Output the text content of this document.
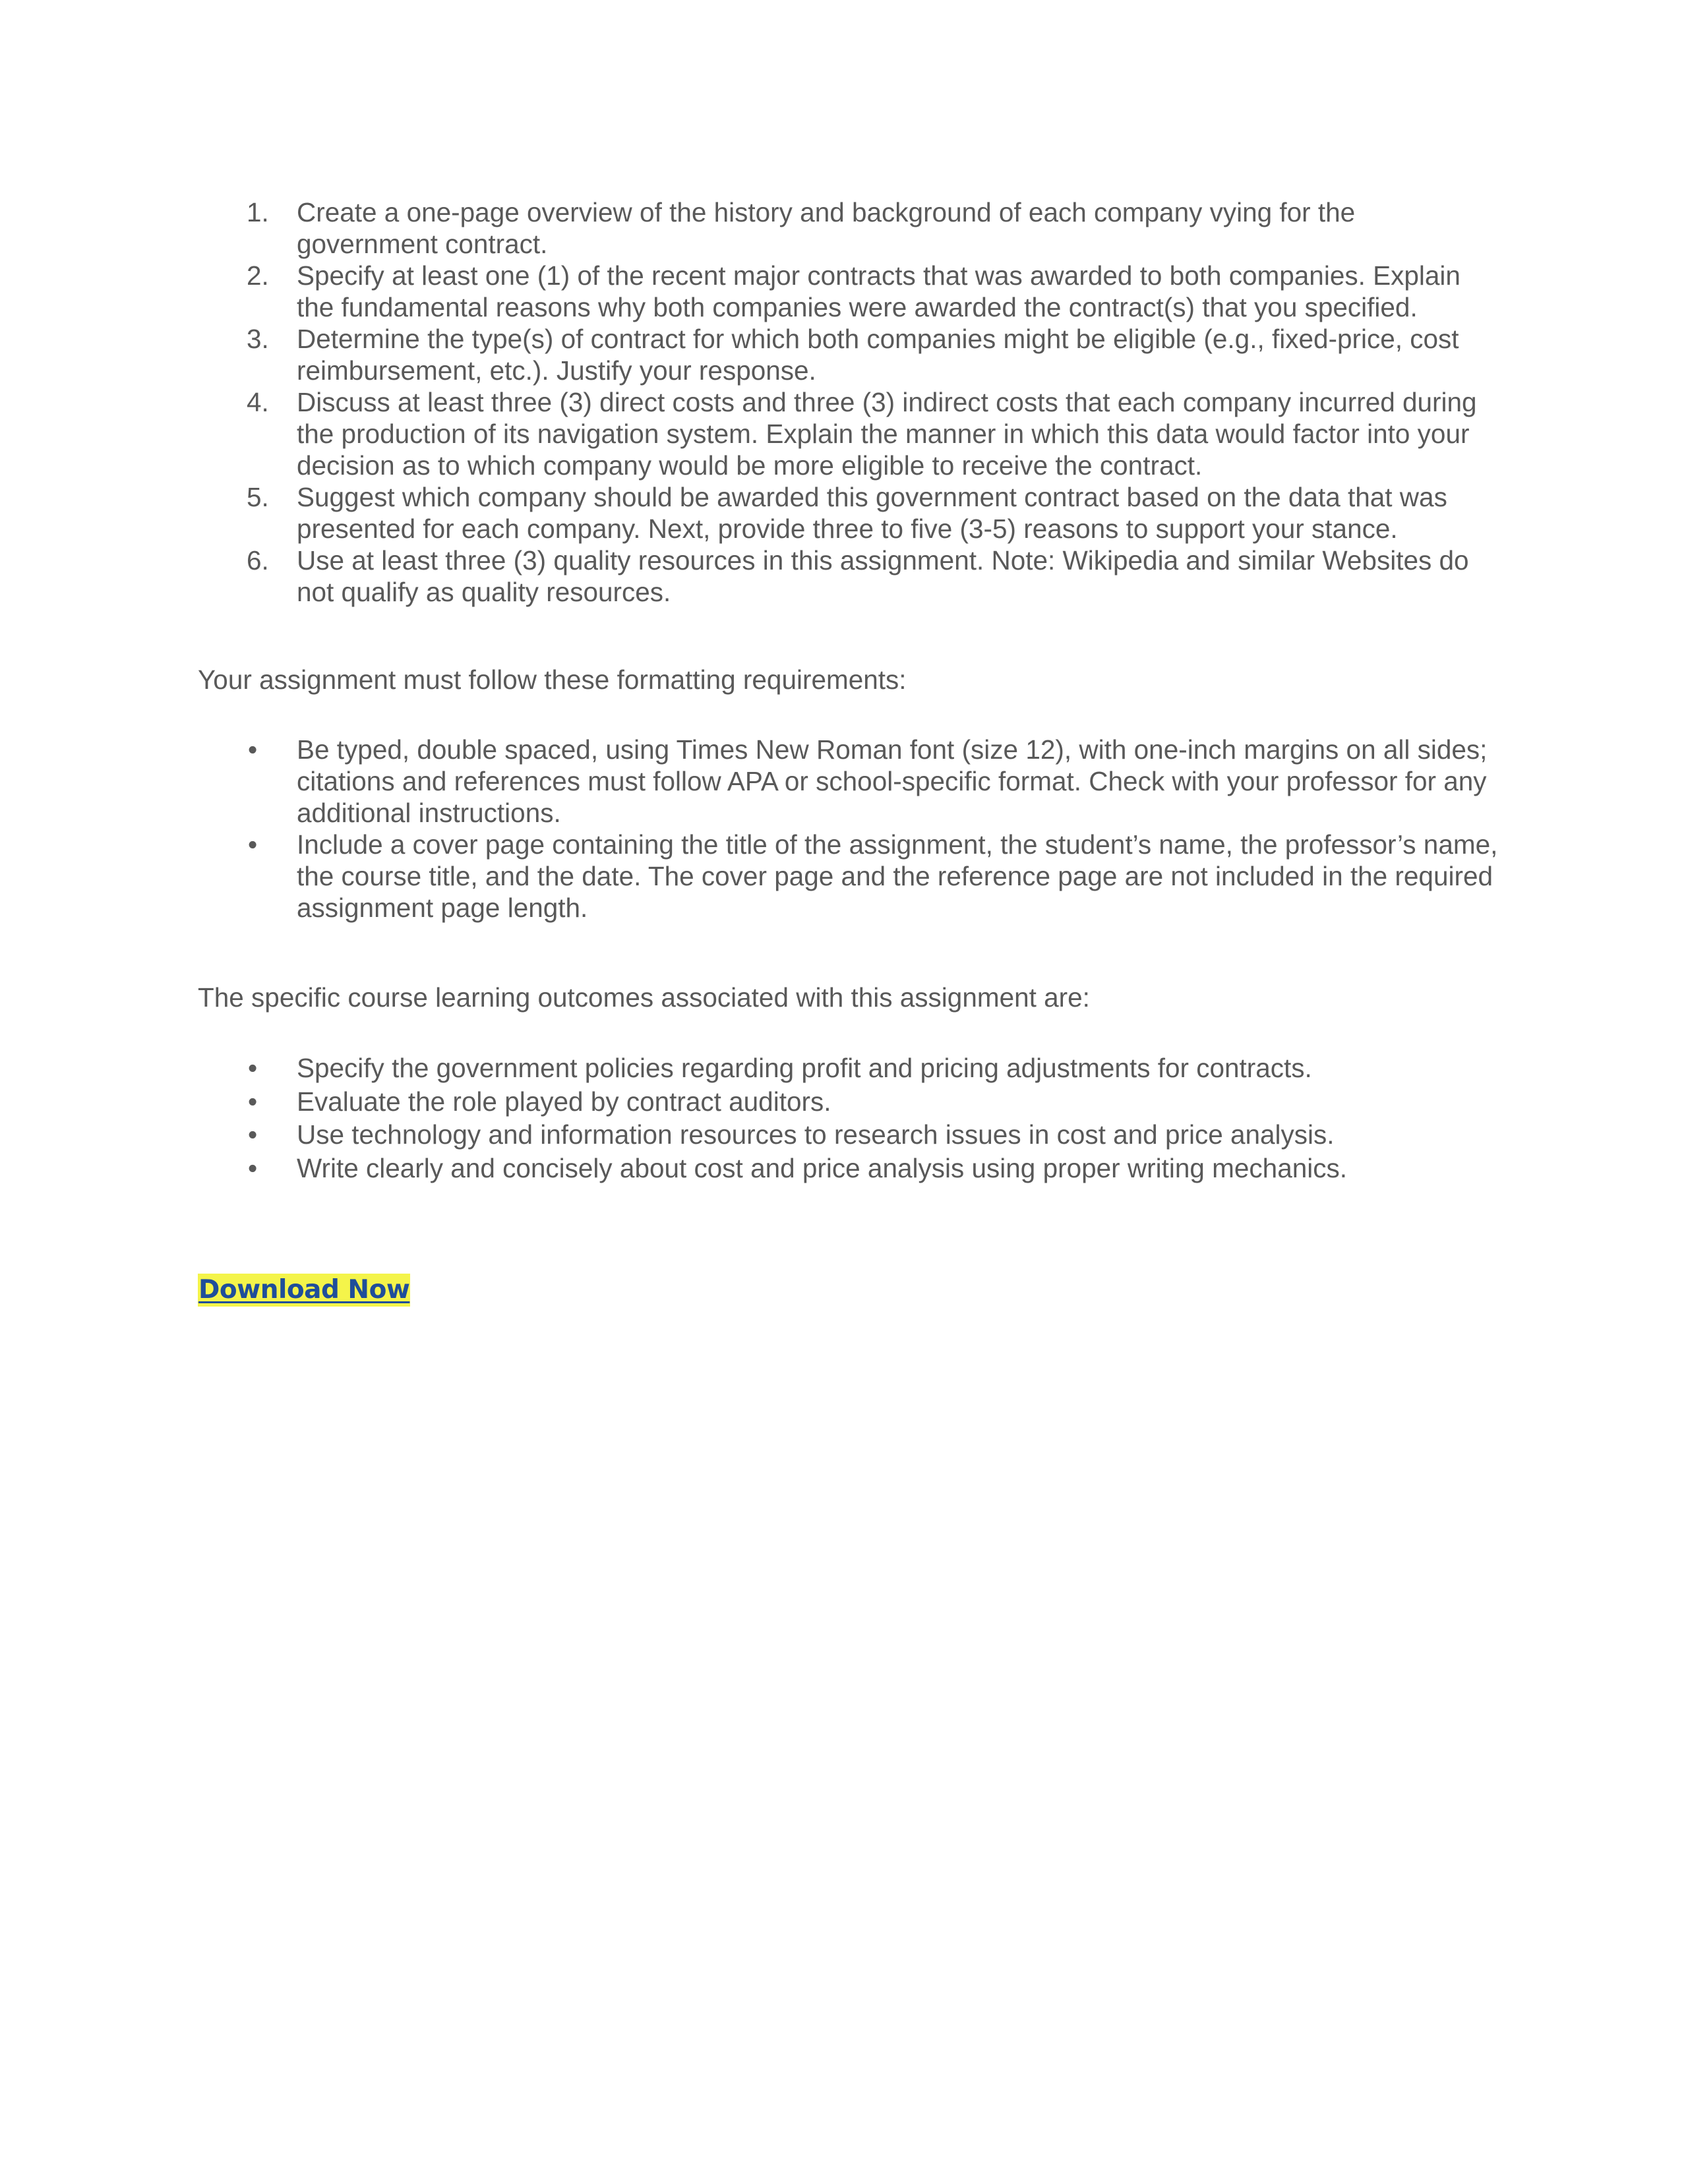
1.	Create a one-page overview of the history and background of each company vying for the government contract.
2.	Specify at least one (1) of the recent major contracts that was awarded to both companies. Explain the fundamental reasons why both companies were awarded the contract(s) that you specified.
3.	Determine the type(s) of contract for which both companies might be eligible (e.g., fixed-price, cost reimbursement, etc.). Justify your response.
4.	Discuss at least three (3) direct costs and three (3) indirect costs that each company incurred during the production of its navigation system. Explain the manner in which this data would factor into your decision as to which company would be more eligible to receive the contract.
5.	Suggest which company should be awarded this government contract based on the data that was presented for each company. Next, provide three to five (3-5) reasons to support your stance.
6.	Use at least three (3) quality resources in this assignment. Note: Wikipedia and similar Websites do not qualify as quality resources.

Your assignment must follow these formatting requirements:

•	Be typed, double spaced, using Times New Roman font (size 12), with one-inch margins on all sides; citations and references must follow APA or school-specific format. Check with your professor for any additional instructions.
•	Include a cover page containing the title of the assignment, the student’s name, the professor’s name, the course title, and the date. The cover page and the reference page are not included in the required assignment page length.

The specific course learning outcomes associated with this assignment are:

•	Specify the government policies regarding profit and pricing adjustments for contracts.
•	Evaluate the role played by contract auditors.
•	Use technology and information resources to research issues in cost and price analysis.
•	Write clearly and concisely about cost and price analysis using proper writing mechanics.
Download Now
